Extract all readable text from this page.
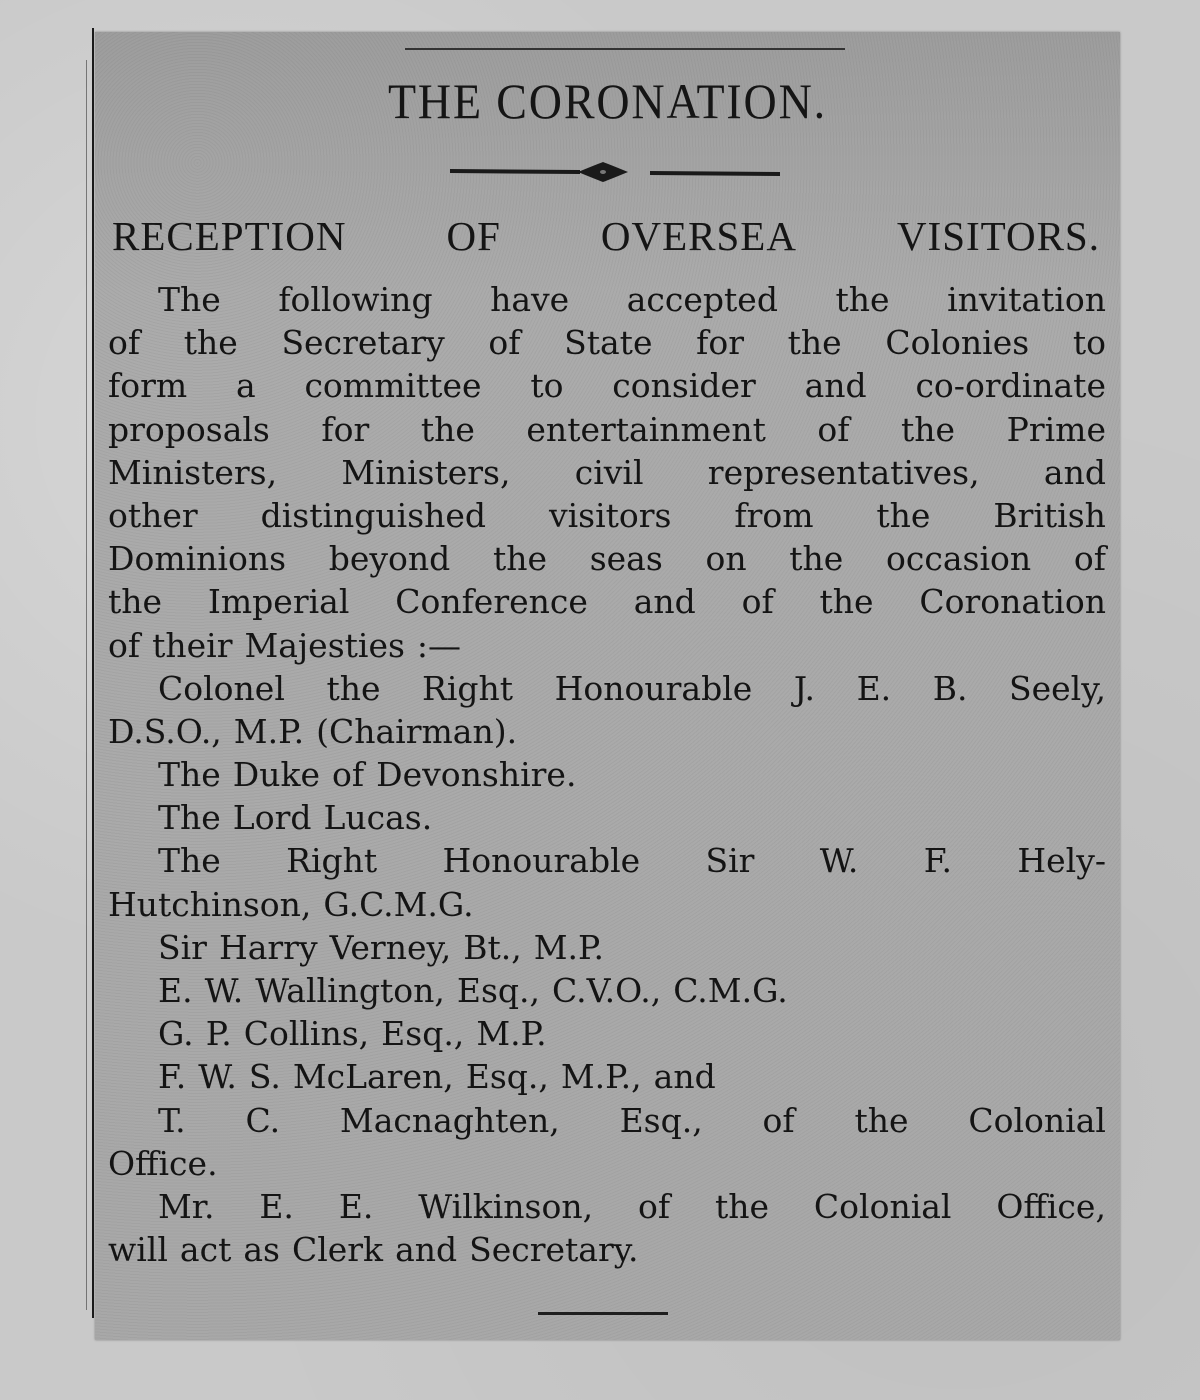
THE CORONATION.
RECEPTION OF OVERSEA VISITORS.
The following have accepted the invitation
of the Secretary of State for the Colonies to
form a committee to consider and co-ordinate
proposals for the entertainment of the Prime
Ministers, Ministers, civil representatives, and
other distinguished visitors from the British
Dominions beyond the seas on the occasion of
the Imperial Conference and of the Coronation
of their Majesties :—
Colonel the Right Honourable J. E. B. Seely,
D.S.O., M.P. (Chairman).
The Duke of Devonshire.
The Lord Lucas.
The Right Honourable Sir W. F. Hely-
Hutchinson, G.C.M.G.
Sir Harry Verney, Bt., M.P.
E. W. Wallington, Esq., C.V.O., C.M.G.
G. P. Collins, Esq., M.P.
F. W. S. McLaren, Esq., M.P., and
T. C. Macnaghten, Esq., of the Colonial
Office.
Mr. E. E. Wilkinson, of the Colonial Office,
will act as Clerk and Secretary.
